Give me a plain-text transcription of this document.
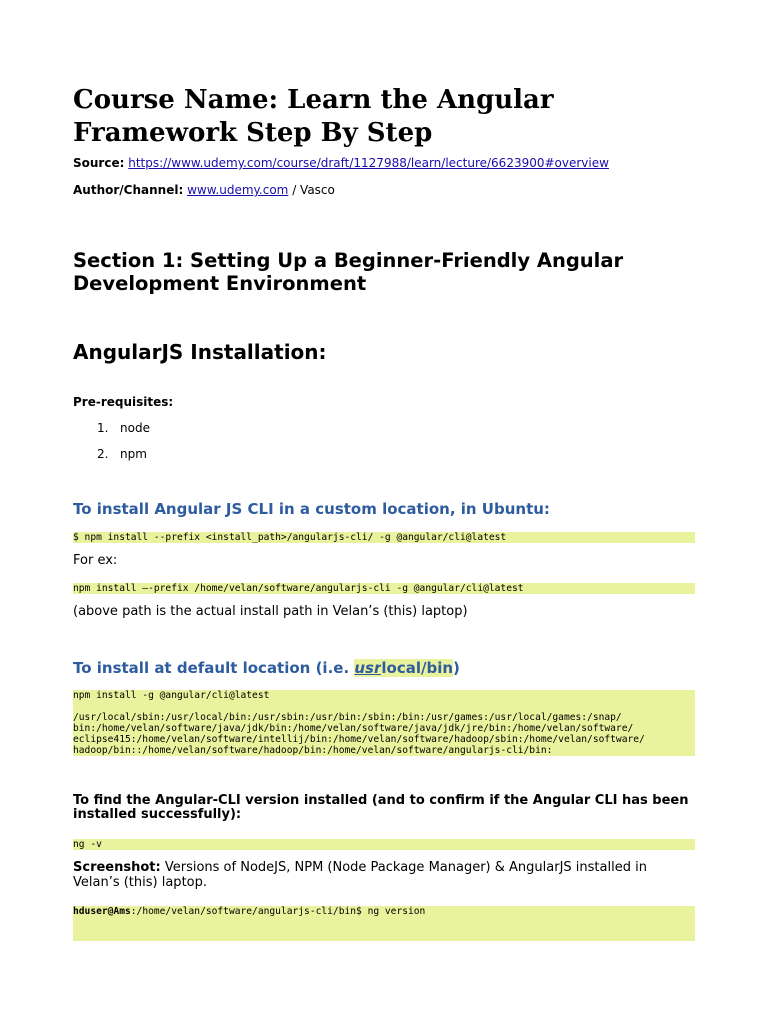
Course Name: Learn the Angular Framework Step By Step

Source: https://www.udemy.com/course/draft/1127988/learn/lecture/6623900#overview

Author/Channel: www.udemy.com / Vasco

Section 1: Setting Up a Beginner-Friendly Angular Development Environment
AngularJS Installation:

Pre-requisites:

1. node
2. npm
To install Angular JS CLI in a custom location, in Ubuntu:
$ npm install --prefix <install_path>/angularjs-cli/ -g @angular/cli@latest

For ex:

npm install –-prefix /home/velan/software/angularjs-cli -g @angular/cli@latest

(above path is the actual install path in Velan’s (this) laptop)

To install at default location (i.e. usrlocal/bin)
npm install -g @angular/cli@latest
/usr/local/sbin:/usr/local/bin:/usr/sbin:/usr/bin:/sbin:/bin:/usr/games:/usr/local/games:/snap/
bin:/home/velan/software/java/jdk/bin:/home/velan/software/java/jdk/jre/bin:/home/velan/software/
eclipse415:/home/velan/software/intellij/bin:/home/velan/software/hadoop/sbin:/home/velan/software/
hadoop/bin::/home/velan/software/hadoop/bin:/home/velan/software/angularjs-cli/bin:
To find the Angular-CLI version installed (and to confirm if the Angular CLI has been installed successfully):
ng -v

Screenshot: Versions of NodeJS, NPM (Node Package Manager) & AngularJS installed in Velan’s (this) laptop.

hduser@Ams:/home/velan/software/angularjs-cli/bin$ ng version
